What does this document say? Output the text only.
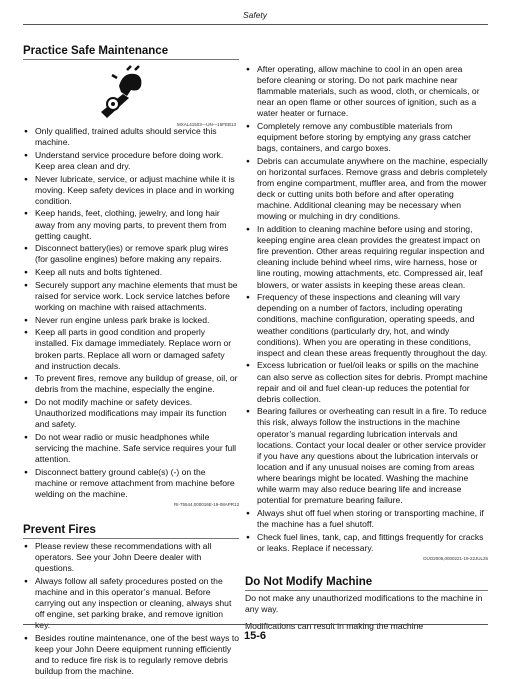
Safety
Practice Safe Maintenance
MXAL41503—UN—15FEB13
● Only qualified, trained adults should service this machine.
● Understand service procedure before doing work. Keep area clean and dry.
● Never lubricate, service, or adjust machine while it is moving. Keep safety devices in place and in working condition.
● Keep hands, feet, clothing, jewelry, and long hair away from any moving parts, to prevent them from getting caught.
● Disconnect battery(ies) or remove spark plug wires (for gasoline engines) before making any repairs.
● Keep all nuts and bolts tightened.
● Securely support any machine elements that must be raised for service work. Lock service latches before working on machine with raised attachments.
● Never run engine unless park brake is locked.
● Keep all parts in good condition and properly installed. Fix damage immediately. Replace worn or broken parts. Replace all worn or damaged safety and instruction decals.
● To prevent fires, remove any buildup of grease, oil, or debris from the machine, especially the engine.
● Do not modify machine or safety devices. Unauthorized modifications may impair its function and safety.
● Do not wear radio or music headphones while servicing the machine. Safe service requires your full attention.
● Disconnect battery ground cable(s) (-) on the machine or remove attachment from machine before welding on the machine.
RI-75544,000016E-19-08APR13
Prevent Fires
● Please review these recommendations with all operators. See your John Deere dealer with questions.
● Always follow all safety procedures posted on the machine and in this operator’s manual. Before carrying out any inspection or cleaning, always shut off engine, set parking brake, and remove ignition key.
● Besides routine maintenance, one of the best ways to keep your John Deere equipment running efficiently and to reduce fire risk is to regularly remove debris buildup from the machine.
● After operating, allow machine to cool in an open area before cleaning or storing. Do not park machine near flammable materials, such as wood, cloth, or chemicals, or near an open flame or other sources of ignition, such as a water heater or furnace.
● Completely remove any combustible materials from equipment before storing by emptying any grass catcher bags, containers, and cargo boxes.
● Debris can accumulate anywhere on the machine, especially on horizontal surfaces. Remove grass and debris completely from engine compartment, muffler area, and from the mower deck or cutting units both before and after operating machine. Additional cleaning may be necessary when mowing or mulching in dry conditions.
● In addition to cleaning machine before using and storing, keeping engine area clean provides the greatest impact on fire prevention. Other areas requiring regular inspection and cleaning include behind wheel rims, wire harness, hose or line routing, mowing attachments, etc. Compressed air, leaf blowers, or water assists in keeping these areas clean.
● Frequency of these inspections and cleaning will vary depending on a number of factors, including operating conditions, machine configuration, operating speeds, and weather conditions (particularly dry, hot, and windy conditions). When you are operating in these conditions, inspect and clean these areas frequently throughout the day.
● Excess lubrication or fuel/oil leaks or spills on the machine can also serve as collection sites for debris. Prompt machine repair and oil and fuel clean-up reduces the potential for debris collection.
● Bearing failures or overheating can result in a fire. To reduce this risk, always follow the instructions in the machine operator’s manual regarding lubrication intervals and locations. Contact your local dealer or other service provider if you have any questions about the lubrication intervals or location and if any unusual noises are coming from areas where bearings might be located. Washing the machine while warm may also reduce bearing life and increase potential for premature bearing failure.
● Always shut off fuel when storing or transporting machine, if the machine has a fuel shutoff.
● Check fuel lines, tank, cap, and fittings frequently for cracks or leaks. Replace if necessary.
OUO2005,0000221-19-22JUL25
Do Not Modify Machine

Do not make any unauthorized modifications to the machine in any way.

Modifications can result in making the machine

15-6
